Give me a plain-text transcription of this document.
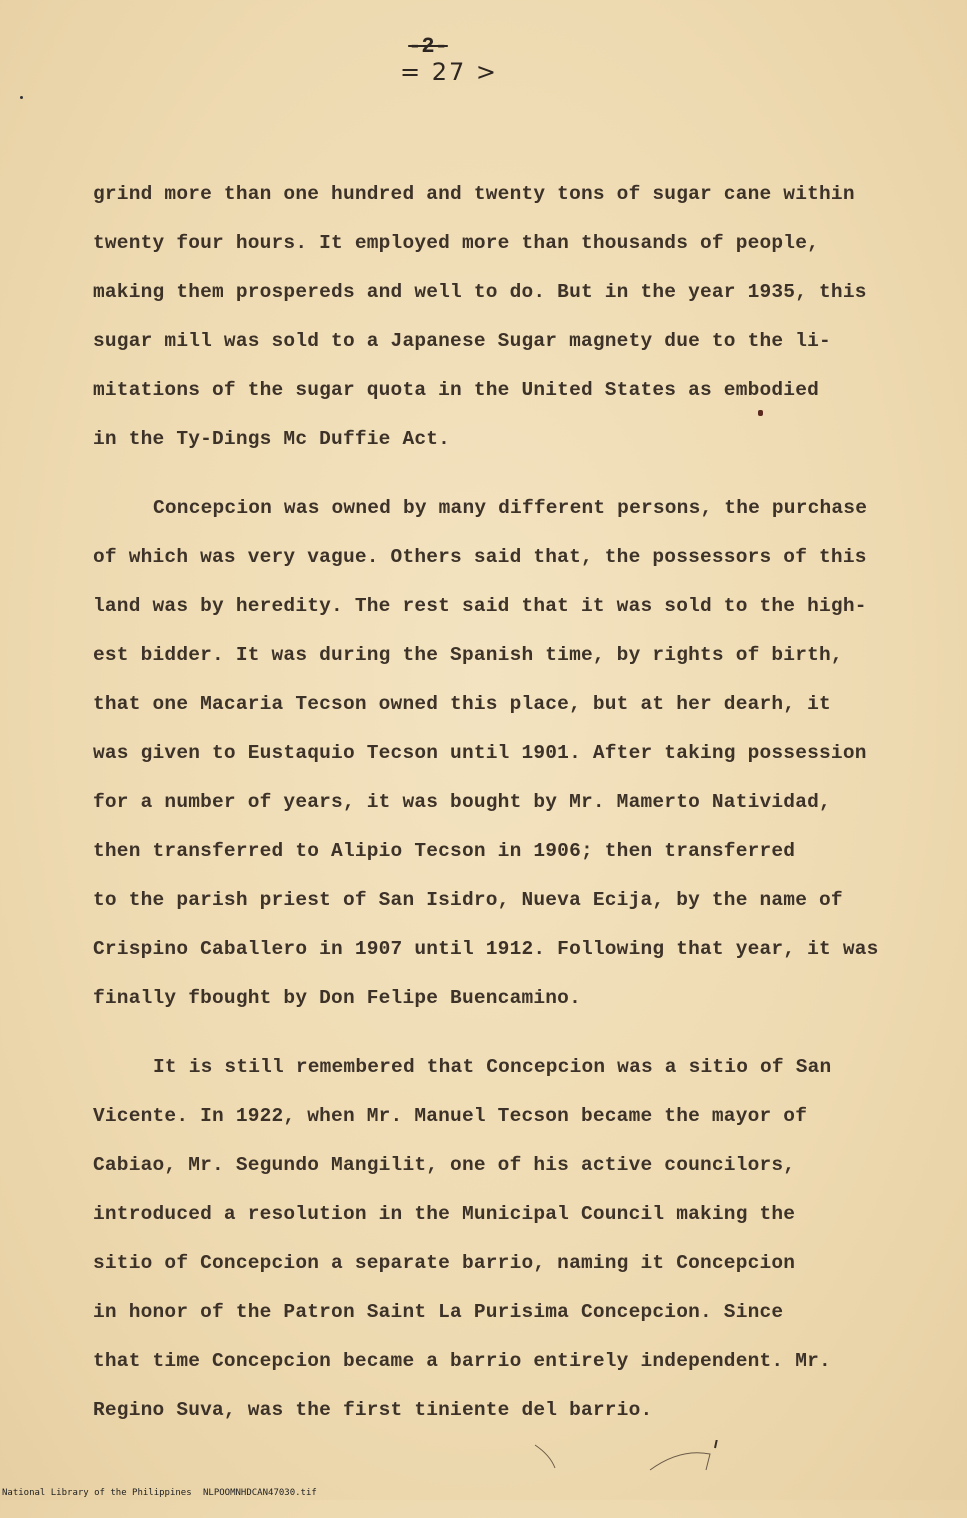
-2-
= 27 >
grind more than one hundred and twenty tons of sugar cane within
twenty four hours. It employed more than thousands of people,
making them prospereds and well to do. But in the year 1935, this
sugar mill was sold to a Japanese Sugar magnety due to the li-
mitations of the sugar quota in the United States as embodied
in the Ty-Dings Mc Duffie Act.
Concepcion was owned by many different persons, the purchase
of which was very vague. Others said that, the possessors of this
land was by heredity. The rest said that it was sold to the high-
est bidder. It was during the Spanish time, by rights of birth,
that one Macaria Tecson owned this place, but at her dearh, it
was given to Eustaquio Tecson until 1901. After taking possession
for a number of years, it was bought by Mr. Mamerto Natividad,
then transferred to Alipio Tecson in 1906; then transferred
to the parish priest of San Isidro, Nueva Ecija, by the name of
Crispino Caballero in 1907 until 1912. Following that year, it was
finally fbought by Don Felipe Buencamino.
It is still remembered that Concepcion was a sitio of San
Vicente. In 1922, when Mr. Manuel Tecson became the mayor of
Cabiao, Mr. Segundo Mangilit, one of his active councilors,
introduced a resolution in the Municipal Council making the
sitio of Concepcion a separate barrio, naming it Concepcion
in honor of the Patron Saint La Purisima Concepcion. Since
that time Concepcion became a barrio entirely independent. Mr.
Regino Suva, was the first tiniente del barrio.

National Library of the Philippines

NLPOOMNHDCAN47030.tif
